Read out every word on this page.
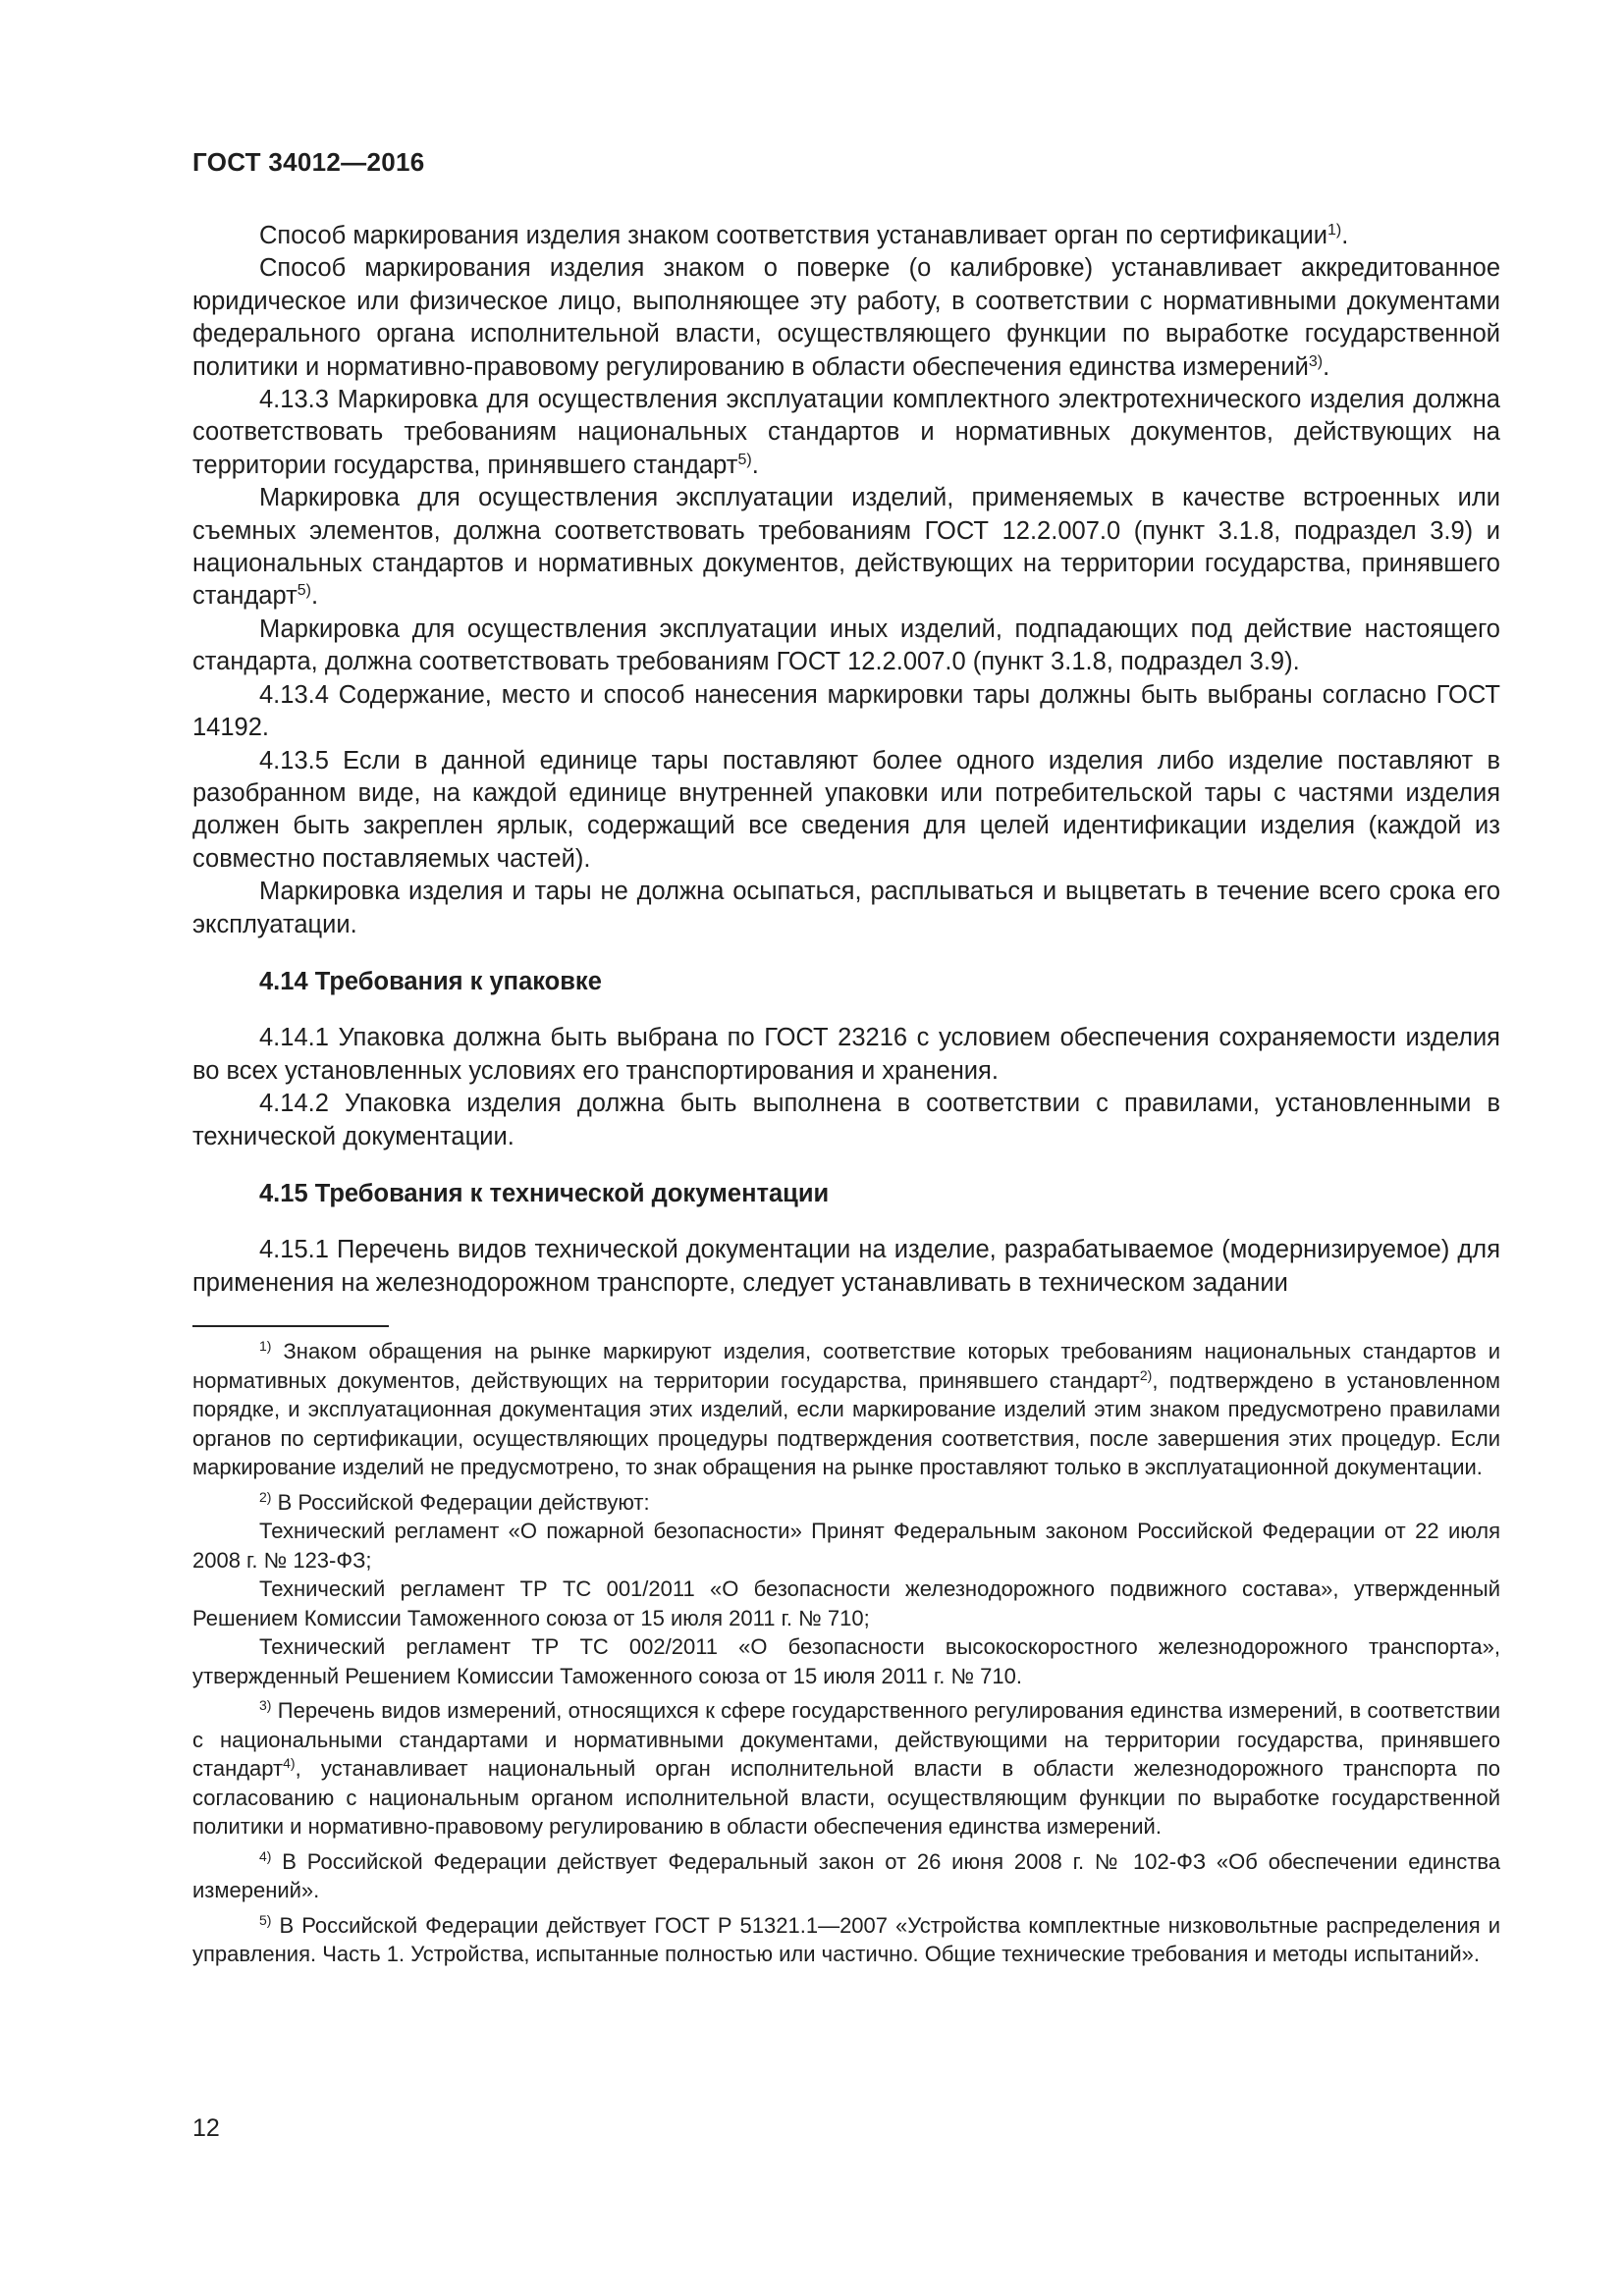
ГОСТ 34012—2016

Способ маркирования изделия знаком соответствия устанавливает орган по сертификации$^{1)}$.

Способ маркирования изделия знаком о поверке (о калибровке) устанавливает аккредитованное юридическое или физическое лицо, выполняющее эту работу, в соответствии с нормативными документами федерального органа исполнительной власти, осуществляющего функции по выработке государственной политики и нормативно-правовому регулированию в области обеспечения единства измерений$^{3)}$.

4.13.3 Маркировка для осуществления эксплуатации комплектного электротехнического изделия должна соответствовать требованиям национальных стандартов и нормативных документов, действующих на территории государства, принявшего стандарт$^{5)}$.

Маркировка для осуществления эксплуатации изделий, применяемых в качестве встроенных или съемных элементов, должна соответствовать требованиям ГОСТ 12.2.007.0 (пункт 3.1.8, подраздел 3.9) и национальных стандартов и нормативных документов, действующих на территории государства, принявшего стандарт$^{5)}$.

Маркировка для осуществления эксплуатации иных изделий, подпадающих под действие настоящего стандарта, должна соответствовать требованиям ГОСТ 12.2.007.0 (пункт 3.1.8, подраздел 3.9).

4.13.4 Содержание, место и способ нанесения маркировки тары должны быть выбраны согласно ГОСТ 14192.

4.13.5 Если в данной единице тары поставляют более одного изделия либо изделие поставляют в разобранном виде, на каждой единице внутренней упаковки или потребительской тары с частями изделия должен быть закреплен ярлык, содержащий все сведения для целей идентификации изделия (каждой из совместно поставляемых частей).

Маркировка изделия и тары не должна осыпаться, расплываться и выцветать в течение всего срока его эксплуатации.

4.14 Требования к упаковке

4.14.1 Упаковка должна быть выбрана по ГОСТ 23216 с условием обеспечения сохраняемости изделия во всех установленных условиях его транспортирования и хранения.

4.14.2 Упаковка изделия должна быть выполнена в соответствии с правилами, установленными в технической документации.

4.15 Требования к технической документации

4.15.1 Перечень видов технической документации на изделие, разрабатываемое (модернизируемое) для применения на железнодорожном транспорте, следует устанавливать в техническом задании

$^{1)}$ Знаком обращения на рынке маркируют изделия, соответствие которых требованиям национальных стандартов и нормативных документов, действующих на территории государства, принявшего стандарт$^{2)}$, подтверждено в установленном порядке, и эксплуатационная документация этих изделий, если маркирование изделий этим знаком предусмотрено правилами органов по сертификации, осуществляющих процедуры подтверждения соответствия, после завершения этих процедур. Если маркирование изделий не предусмотрено, то знак обращения на рынке проставляют только в эксплуатационной документации.

$^{2)}$ В Российской Федерации действуют:

Технический регламент «О пожарной безопасности» Принят Федеральным законом Российской Федерации от 22 июля 2008 г. № 123-ФЗ;

Технический регламент ТР ТС 001/2011 «О безопасности железнодорожного подвижного состава», утвержденный Решением Комиссии Таможенного союза от 15 июля 2011 г. № 710;

Технический регламент ТР ТС 002/2011 «О безопасности высокоскоростного железнодорожного транспорта», утвержденный Решением Комиссии Таможенного союза от 15 июля 2011 г. № 710.

$^{3)}$ Перечень видов измерений, относящихся к сфере государственного регулирования единства измерений, в соответствии с национальными стандартами и нормативными документами, действующими на территории государства, принявшего стандарт$^{4)}$, устанавливает национальный орган исполнительной власти в области железнодорожного транспорта по согласованию с национальным органом исполнительной власти, осуществляющим функции по выработке государственной политики и нормативно-правовому регулированию в области обеспечения единства измерений.

$^{4)}$ В Российской Федерации действует Федеральный закон от 26 июня 2008 г. № 102-ФЗ «Об обеспечении единства измерений».

$^{5)}$ В Российской Федерации действует ГОСТ Р 51321.1—2007 «Устройства комплектные низковольтные распределения и управления. Часть 1. Устройства, испытанные полностью или частично. Общие технические требования и методы испытаний».

12
